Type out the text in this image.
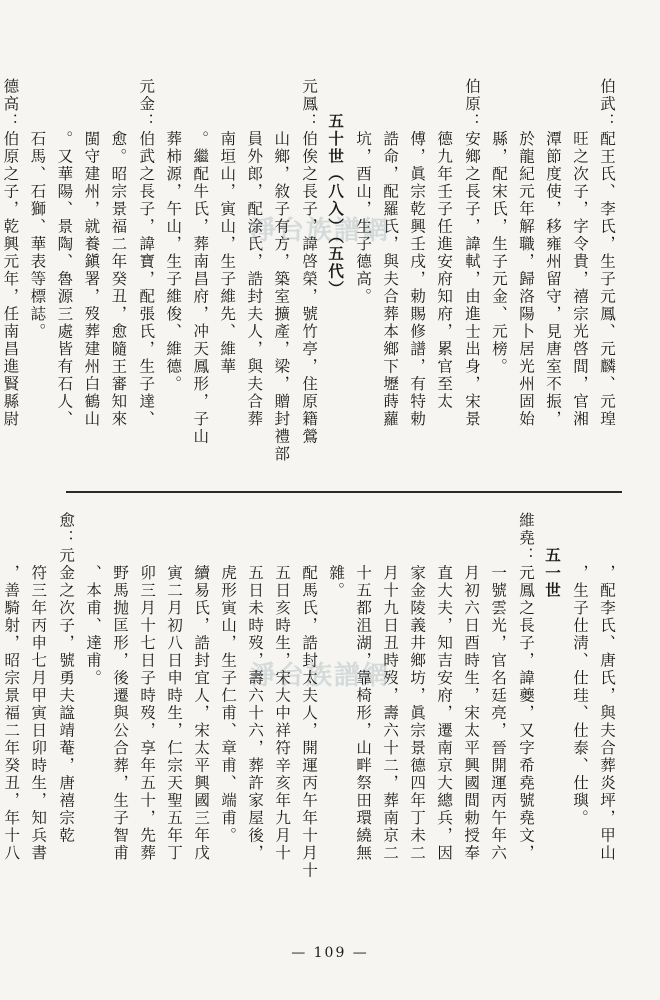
淨台族譜網
淨台族譜網
伯武：配王氏、李氏，生子元鳳、元麟、元瑝
　　　旺之次子，字令貴，禧宗光啓間，官湘
　　　潭節度使，移雍州留守，見唐室不振，
　　　於龍紀元年解職，歸洛陽卜居光州固始
　　　縣，配宋氏，生子元金、元榜。
伯原：安鄉之長子，諱軾，由進士出身，宋景
　　　德九年壬子任進安府知府，累官至太
　　　傅，眞宗乾興壬戌，勅賜修譜，有特勅
　　　誥命，配羅氏，與夫合葬本鄉下壢蒔蘿
　　　坑，酉山，生子德高。
　　五十世（八入）（五代）
元鳳：伯俟之長子，諱啓榮，號竹亭，住原籍鶯
　　　山鄉，敘子有方，築室擴產，梁，贈封禮部
　　　員外郎，配涂氏，誥封夫人，與夫合葬
　　　南垣山，寅山，生子維先、維華
　　　。繼配牛氏，葬南昌府，冲天鳳形，子山
　　　葬柿源，午山，生子維俊、維德。
元金：伯武之長子，諱寶，配張氏，生子達、
　　　愈。昭宗景福二年癸丑，愈隨王審知來
　　　閩守建州，就養鎭署，歿葬建州白鶴山
　　　。又華陽、景陶、魯源三處皆有石人、
　　　石馬、石獅、華表等標誌。
德高：伯原之子，乾興元年，任南昌進賢縣尉
　　　，配李氏、唐氏，與夫合葬炎坪，甲山
　　　，生子仕淸、仕珪、仕泰、仕璵。
　　五一世
維堯：元鳳之長子，諱夔，又字希堯號堯文，
　　　一號雲光，官名廷亮，晉開運丙午年六
　　　月初六日酉時生，宋太平興國間勅授奉
　　　直大夫，知吉安府，遷南京大總兵，因
　　　家金陵義井鄉坊，眞宗景德四年丁未二
　　　月十九日丑時歿，壽六十二，葬南京二
　　　十五都沮湖，靠椅形，山畔祭田環繞無
　　　雜。
　　　配馬氏，誥封太夫人，開運丙午年十月十
　　　五日亥時生，宋大中祥符辛亥年九月十
　　　五日未時歿，壽六十六，葬許家屋後，
　　　虎形寅山，生子仁甫、章甫、端甫。
　　　續易氏，誥封宜人，宋太平興國三年戊
　　　寅二月初八日申時生，仁宗天聖五年丁
　　　卯三月十七日子時歿，享年五十，先葬
　　　野馬抛匡形，後遷與公合葬，生子智甫
　　　、本甫、達甫。
愈：元金之次子，號勇夫諡靖菴，唐禧宗乾
　　　符三年丙申七月甲寅日卯時生，知兵書
　　　，善騎射，昭宗景福二年癸丑，年十八
— 109 —
